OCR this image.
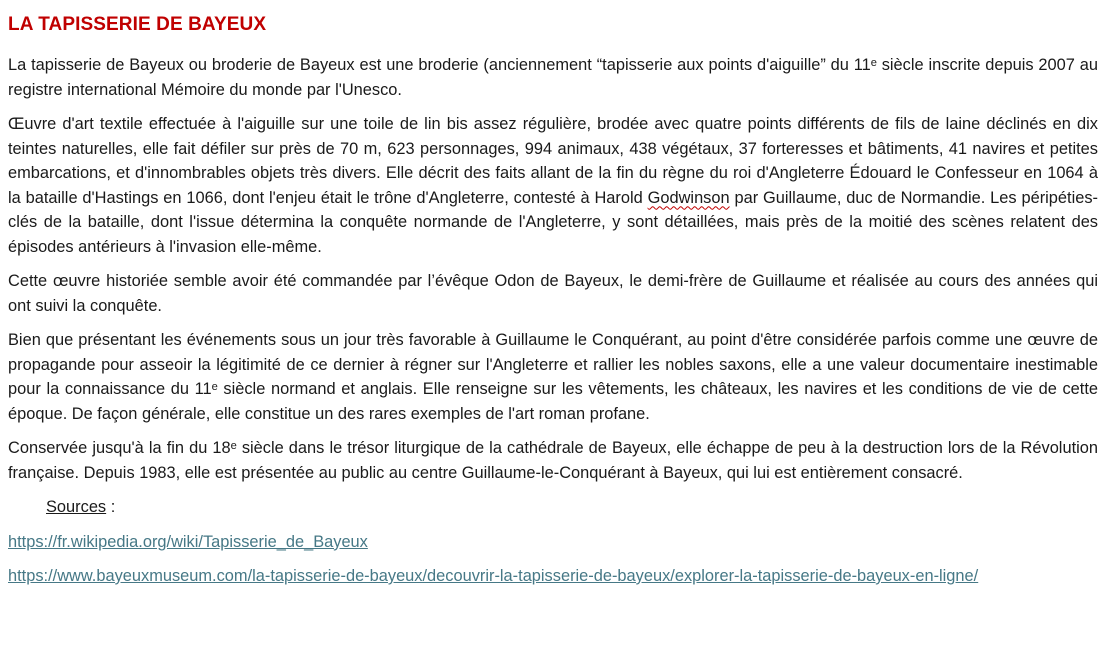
LA TAPISSERIE DE BAYEUX

La tapisserie de Bayeux ou broderie de Bayeux est une broderie (anciennement “tapisserie aux points d'aiguille” du 11ᵉ siècle inscrite depuis 2007 au registre international Mémoire du monde par l'Unesco.

Œuvre d'art textile effectuée à l'aiguille sur une toile de lin bis assez régulière, brodée avec quatre points différents de fils de laine déclinés en dix teintes naturelles, elle fait défiler sur près de 70 m, 623 personnages, 994 animaux, 438 végétaux, 37 forteresses et bâtiments, 41 navires et petites embarcations, et d'innombrables objets très divers. Elle décrit des faits allant de la fin du règne du roi d'Angleterre Édouard le Confesseur en 1064 à la bataille d'Hastings en 1066, dont l'enjeu était le trône d'Angleterre, contesté à Harold Godwinson par Guillaume, duc de Normandie. Les péripéties-clés de la bataille, dont l'issue détermina la conquête normande de l'Angleterre, y sont détaillées, mais près de la moitié des scènes relatent des épisodes antérieurs à l'invasion elle-même.

Cette œuvre historiée semble avoir été commandée par l’évêque Odon de Bayeux, le demi-frère de Guillaume et réalisée au cours des années qui ont suivi la conquête.

Bien que présentant les événements sous un jour très favorable à Guillaume le Conquérant, au point d'être considérée parfois comme une œuvre de propagande pour asseoir la légitimité de ce dernier à régner sur l'Angleterre et rallier les nobles saxons, elle a une valeur documentaire inestimable pour la connaissance du 11ᵉ siècle normand et anglais. Elle renseigne sur les vêtements, les châteaux, les navires et les conditions de vie de cette époque. De façon générale, elle constitue un des rares exemples de l'art roman profane.

Conservée jusqu'à la fin du 18ᵉ siècle dans le trésor liturgique de la cathédrale de Bayeux, elle échappe de peu à la destruction lors de la Révolution française. Depuis 1983, elle est présentée au public au centre Guillaume-le-Conquérant à Bayeux, qui lui est entièrement consacré.

Sources :
https://fr.wikipedia.org/wiki/Tapisserie_de_Bayeux
https://www.bayeuxmuseum.com/la-tapisserie-de-bayeux/decouvrir-la-tapisserie-de-bayeux/explorer-la-tapisserie-de-bayeux-en-ligne/
